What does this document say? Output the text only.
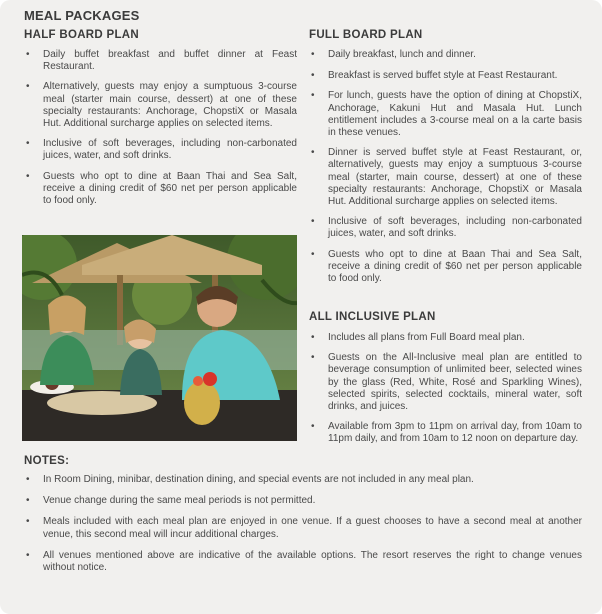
MEAL PACKAGES
HALF BOARD PLAN
• Daily buffet breakfast and buffet dinner at Feast Restaurant.
• Alternatively, guests may enjoy a sumptuous 3-course meal (starter main course, dessert) at one of these specialty restaurants: Anchorage, ChopstiX or Masala Hut. Additional surcharge applies on selected items.
• Inclusive of soft beverages, including non-carbonated juices, water, and soft drinks.
• Guests who opt to dine at Baan Thai and Sea Salt, receive a dining credit of $60 net per person applicable to food only.
FULL BOARD PLAN
• Daily breakfast, lunch and dinner.
• Breakfast is served buffet style at Feast Restaurant.
• For lunch, guests have the option of dining at ChopstiX, Anchorage, Kakuni Hut and Masala Hut. Lunch entitlement includes a 3-course meal on a la carte basis in these venues.
• Dinner is served buffet style at Feast Restaurant, or, alternatively, guests may enjoy a sumptuous 3-course meal (starter, main course, dessert) at one of these specialty restaurants: Anchorage, ChopstiX or Masala Hut. Additional surcharge applies on selected items.
• Inclusive of soft beverages, including non-carbonated juices, water, and soft drinks.
• Guests who opt to dine at Baan Thai and Sea Salt, receive a dining credit of $60 net per person applicable to food only.
ALL INCLUSIVE PLAN
• Includes all plans from Full Board meal plan.
• Guests on the All-Inclusive meal plan are entitled to beverage consumption of unlimited beer, selected wines by the glass (Red, White, Rosé and Sparkling Wines), selected spirits, selected cocktails, mineral water, soft drinks, and juices.
• Available from 3pm to 11pm on arrival day, from 10am to 11pm daily, and from 10am to 12 noon on departure day.
NOTES:
• In Room Dining, minibar, destination dining, and special events are not included in any meal plan.
• Venue change during the same meal periods is not permitted.
• Meals included with each meal plan are enjoyed in one venue. If a guest chooses to have a second meal at another venue, this second meal will incur additional charges.
• All venues mentioned above are indicative of the available options. The resort reserves the right to change venues without notice.
